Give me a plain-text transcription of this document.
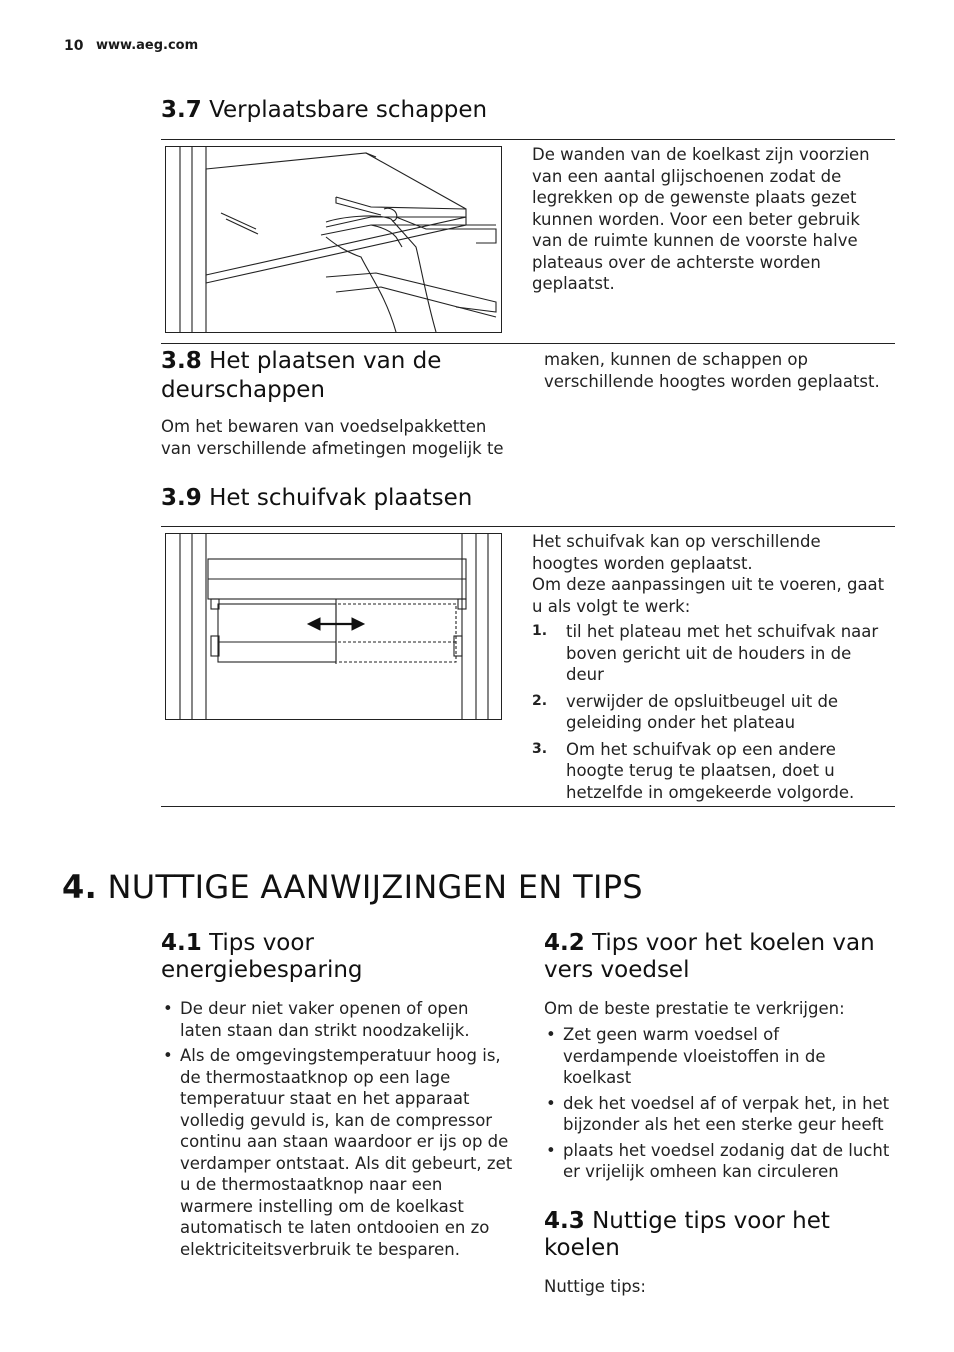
10 www.aeg.com
3.7 Verplaatsbare schappen

De wanden van de koelkast zijn voorzien van een aantal glijschoenen zodat de legrekken op de gewenste plaats gezet kunnen worden. Voor een beter gebruik van de ruimte kunnen de voorste halve plateaus over de achterste worden geplaatst.

3.8 Het plaatsen van de deurschappen

Om het bewaren van voedselpakketten van verschillende afmetingen mogelijk te

maken, kunnen de schappen op verschillende hoogtes worden geplaatst.

3.9 Het schuifvak plaatsen

Het schuifvak kan op verschillende hoogtes worden geplaatst.

Om deze aanpassingen uit te voeren, gaat u als volgt te werk:

1. til het plateau met het schuifvak naar boven gericht uit de houders in de deur
2. verwijder de opsluitbeugel uit de geleiding onder het plateau
3. Om het schuifvak op een andere hoogte terug te plaatsen, doet u hetzelfde in omgekeerde volgorde.
4. NUTTIGE AANWIJZINGEN EN TIPS
4.1 Tips voor energiebesparing
• De deur niet vaker openen of open laten staan dan strikt noodzakelijk.
• Als de omgevingstemperatuur hoog is, de thermostaatknop op een lage temperatuur staat en het apparaat volledig gevuld is, kan de compressor continu aan staan waardoor er ijs op de verdamper ontstaat. Als dit gebeurt, zet u de thermostaatknop naar een warmere instelling om de koelkast automatisch te laten ontdooien en zo elektriciteitsverbruik te besparen.
4.2 Tips voor het koelen van vers voedsel

Om de beste prestatie te verkrijgen:

• Zet geen warm voedsel of verdampende vloeistoffen in de koelkast
• dek het voedsel af of verpak het, in het bijzonder als het een sterke geur heeft
• plaats het voedsel zodanig dat de lucht er vrijelijk omheen kan circuleren
4.3 Nuttige tips voor het koelen

Nuttige tips:
